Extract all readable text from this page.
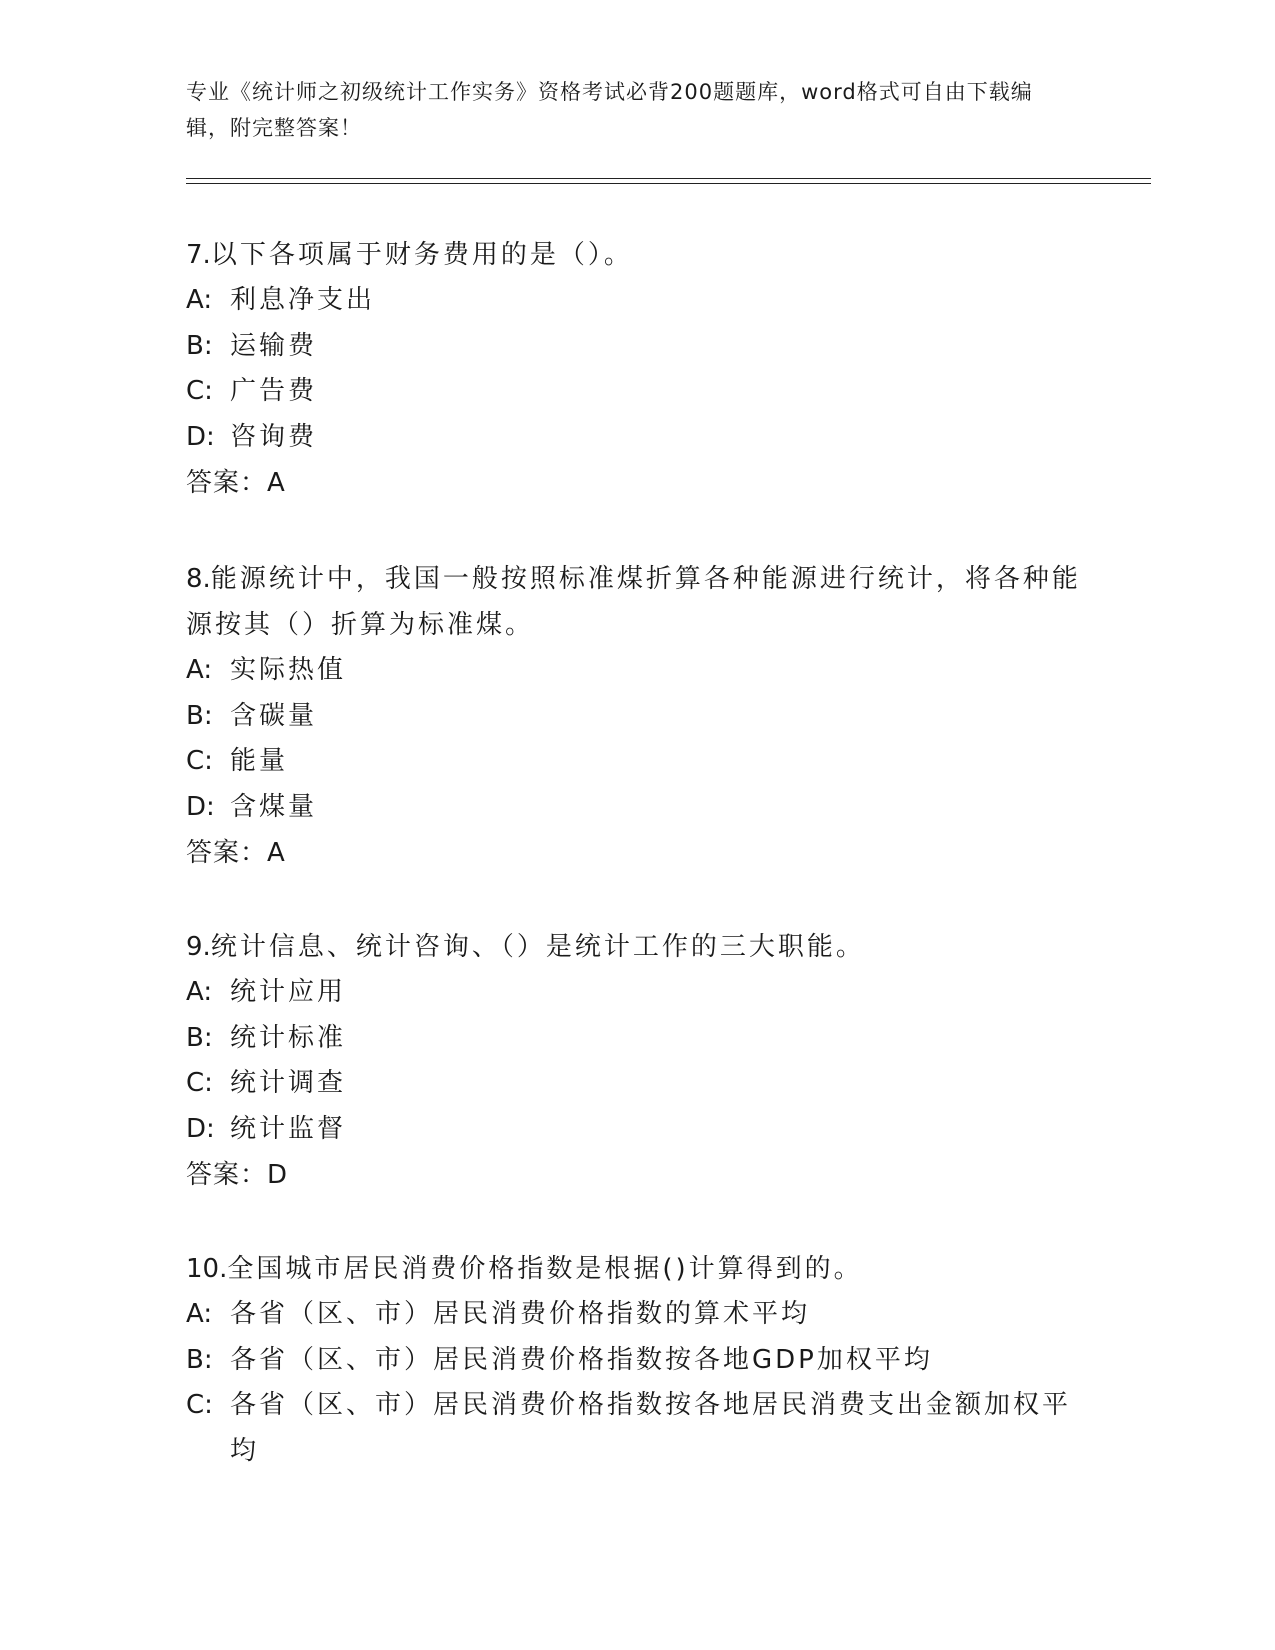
专业《统计师之初级统计工作实务》资格考试必背200题题库，word格式可自由下载编辑，附完整答案！

7.以下各项属于财务费用的是（）。

A: 利息净支出

B: 运输费

C: 广告费

D: 咨询费

答案：A

8.能源统计中，我国一般按照标准煤折算各种能源进行统计，将各种能源按其（）折算为标准煤。

A: 实际热值

B: 含碳量

C: 能量

D: 含煤量

答案：A

9.统计信息、统计咨询、（）是统计工作的三大职能。

A: 统计应用

B: 统计标准

C: 统计调查

D: 统计监督

答案：D

10.全国城市居民消费价格指数是根据()计算得到的。

A: 各省（区、市）居民消费价格指数的算术平均

B: 各省（区、市）居民消费价格指数按各地GDP加权平均

C: 各省（区、市）居民消费价格指数按各地居民消费支出金额加权平均
